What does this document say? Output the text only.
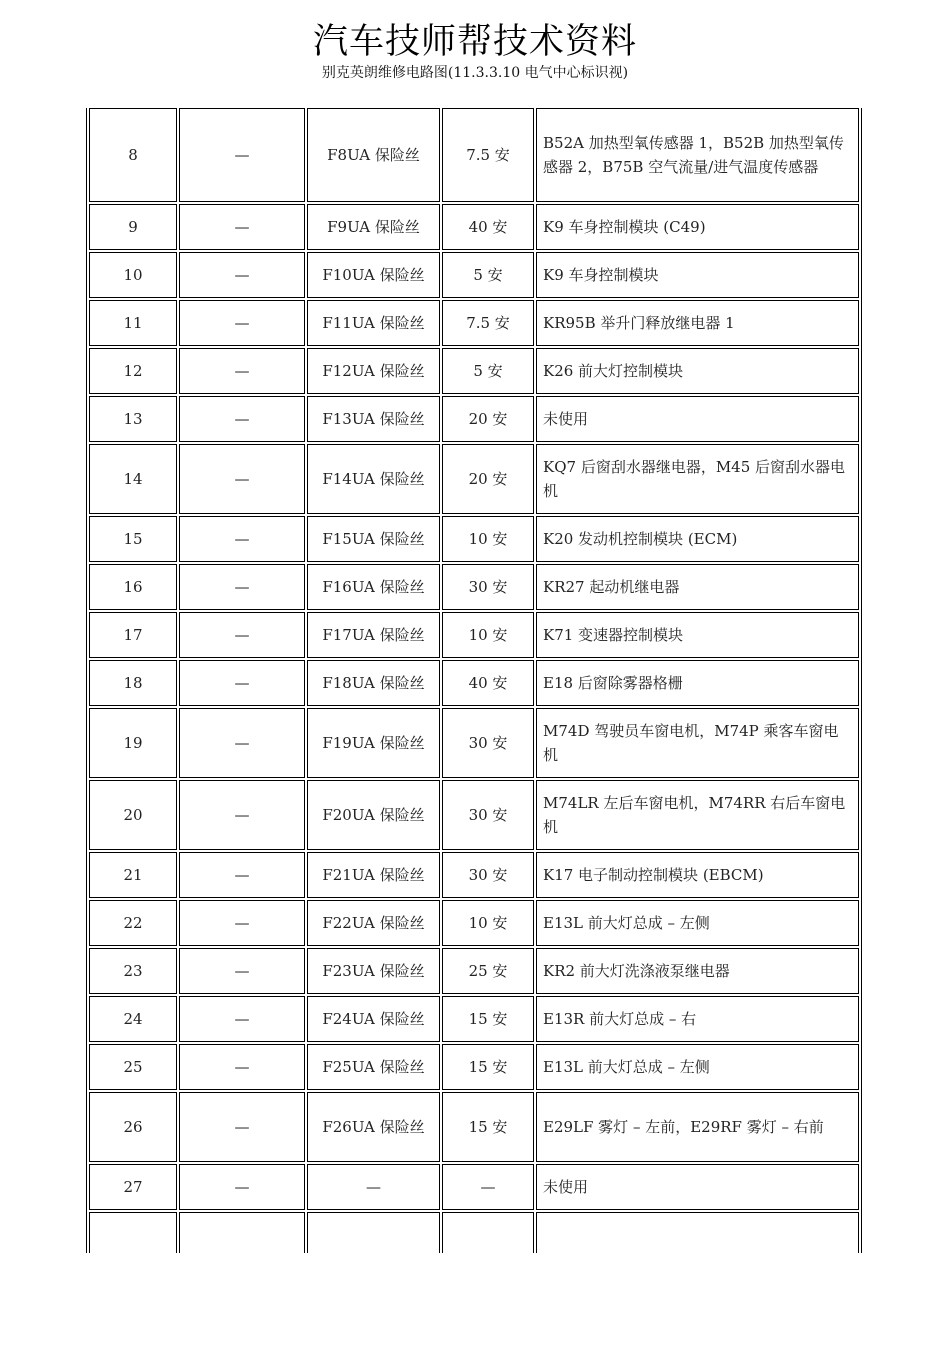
汽车技师帮技术资料
别克英朗维修电路图(11.3.3.10 电气中心标识视)
8	—	F8UA 保险丝	7.5 安	B52A 加热型氧传感器 1，B52B 加热型氧传感器 2，B75B 空气流量/进气温度传感器
9	—	F9UA 保险丝	40 安	K9 车身控制模块 (C49)
10	—	F10UA 保险丝	5 安	K9 车身控制模块
11	—	F11UA 保险丝	7.5 安	KR95B 举升门释放继电器 1
12	—	F12UA 保险丝	5 安	K26 前大灯控制模块
13	—	F13UA 保险丝	20 安	未使用
14	—	F14UA 保险丝	20 安	KQ7 后窗刮水器继电器，M45 后窗刮水器电机
15	—	F15UA 保险丝	10 安	K20 发动机控制模块 (ECM)
16	—	F16UA 保险丝	30 安	KR27 起动机继电器
17	—	F17UA 保险丝	10 安	K71 变速器控制模块
18	—	F18UA 保险丝	40 安	E18 后窗除雾器格栅
19	—	F19UA 保险丝	30 安	M74D 驾驶员车窗电机，M74P 乘客车窗电机
20	—	F20UA 保险丝	30 安	M74LR 左后车窗电机，M74RR 右后车窗电机
21	—	F21UA 保险丝	30 安	K17 电子制动控制模块 (EBCM)
22	—	F22UA 保险丝	10 安	E13L 前大灯总成 – 左侧
23	—	F23UA 保险丝	25 安	KR2 前大灯洗涤液泵继电器
24	—	F24UA 保险丝	15 安	E13R 前大灯总成 – 右
25	—	F25UA 保险丝	15 安	E13L 前大灯总成 – 左侧
26	—	F26UA 保险丝	15 安	E29LF 雾灯 – 左前，E29RF 雾灯 – 右前
27	—	—	—	未使用
